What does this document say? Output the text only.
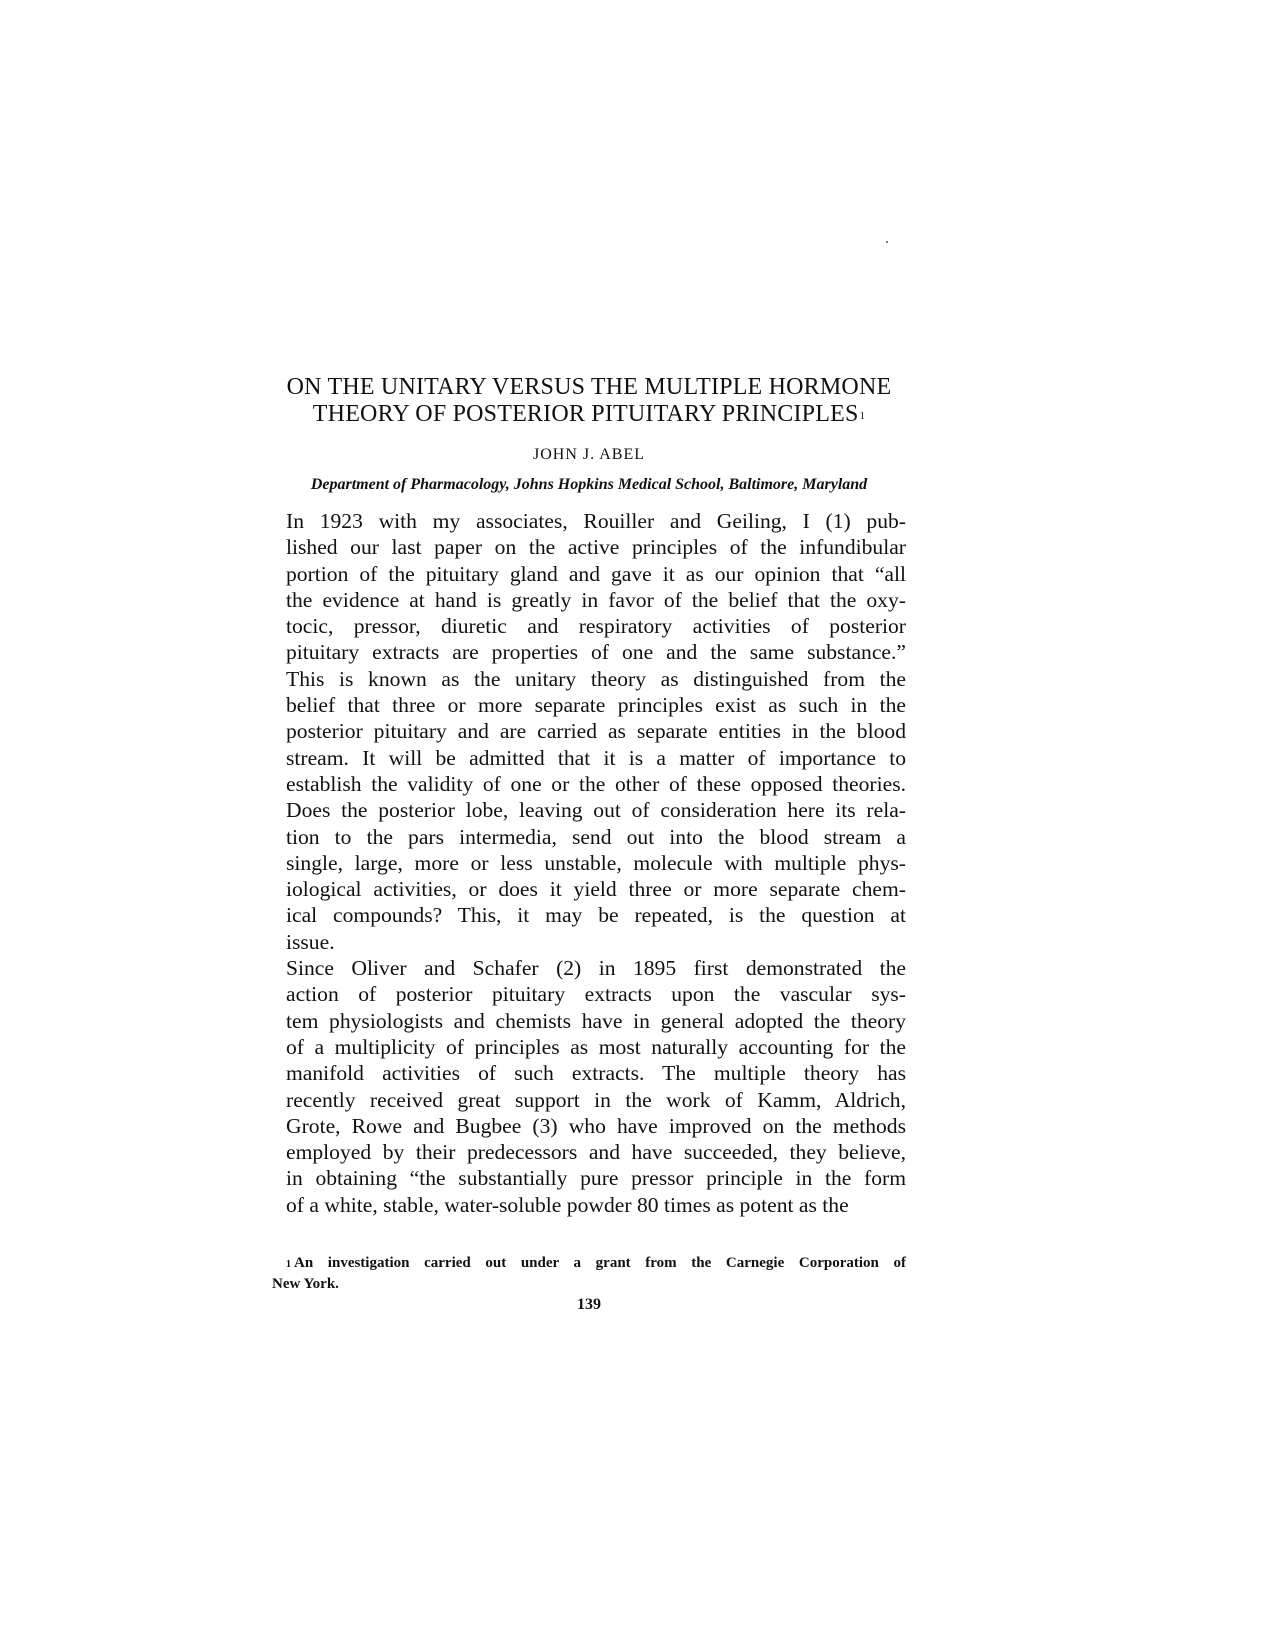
ON THE UNITARY VERSUS THE MULTIPLE HORMONE
THEORY OF POSTERIOR PITUITARY PRINCIPLES$^1$

JOHN J. ABEL

Department of Pharmacology, Johns Hopkins Medical School, Baltimore, Maryland

In 1923 with my associates, Rouiller and Geiling, I (1) pub-
lished our last paper on the active principles of the infundibular
portion of the pituitary gland and gave it as our opinion that “all
the evidence at hand is greatly in favor of the belief that the oxy-
tocic, pressor, diuretic and respiratory activities of posterior
pituitary extracts are properties of one and the same substance.”
This is known as the unitary theory as distinguished from the
belief that three or more separate principles exist as such in the
posterior pituitary and are carried as separate entities in the blood
stream. It will be admitted that it is a matter of importance to
establish the validity of one or the other of these opposed theories.
Does the posterior lobe, leaving out of consideration here its rela-
tion to the pars intermedia, send out into the blood stream a
single, large, more or less unstable, molecule with multiple phys-
iological activities, or does it yield three or more separate chem-
ical compounds? This, it may be repeated, is the question at
issue.

Since Oliver and Schafer (2) in 1895 first demonstrated the
action of posterior pituitary extracts upon the vascular sys-
tem physiologists and chemists have in general adopted the theory
of a multiplicity of principles as most naturally accounting for the
manifold activities of such extracts. The multiple theory has
recently received great support in the work of Kamm, Aldrich,
Grote, Rowe and Bugbee (3) who have improved on the methods
employed by their predecessors and have succeeded, they believe,
in obtaining “the substantially pure pressor principle in the form
of a white, stable, water-soluble powder 80 times as potent as the

$^1$ An investigation carried out under a grant from the Carnegie Corporation of
New York.

139
